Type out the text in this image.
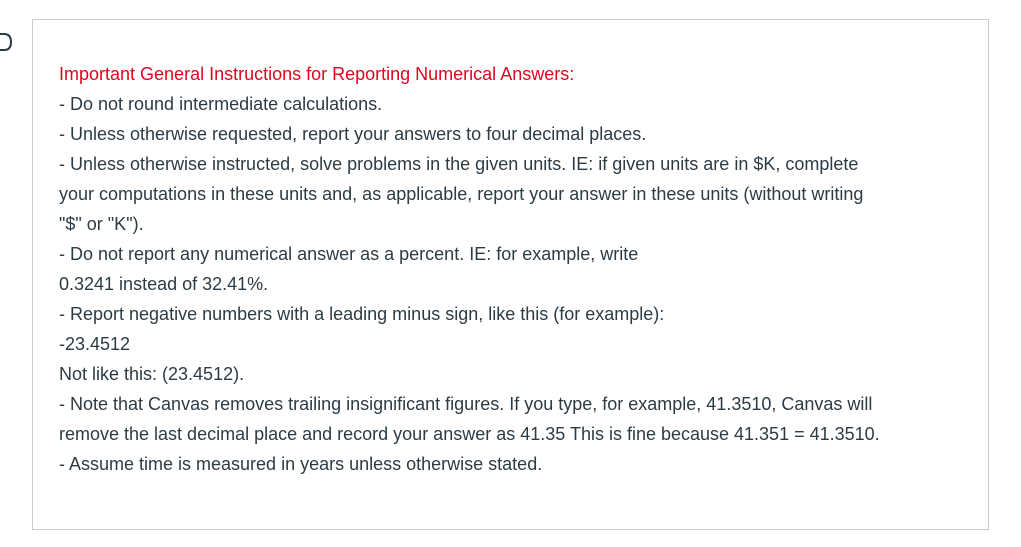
Important General Instructions for Reporting Numerical Answers:

- Do not round intermediate calculations.

- Unless otherwise requested, report your answers to four decimal places.

- Unless otherwise instructed, solve problems in the given units. IE: if given units are in $K, complete

your computations in these units and, as applicable, report your answer in these units (without writing

"$" or "K").

- Do not report any numerical answer as a percent. IE: for example, write

0.3241 instead of 32.41%.

- Report negative numbers with a leading minus sign, like this (for example):

-23.4512

Not like this: (23.4512).

- Note that Canvas removes trailing insignificant figures. If you type, for example, 41.3510, Canvas will

remove the last decimal place and record your answer as 41.35 This is fine because 41.351 = 41.3510.

- Assume time is measured in years unless otherwise stated.
